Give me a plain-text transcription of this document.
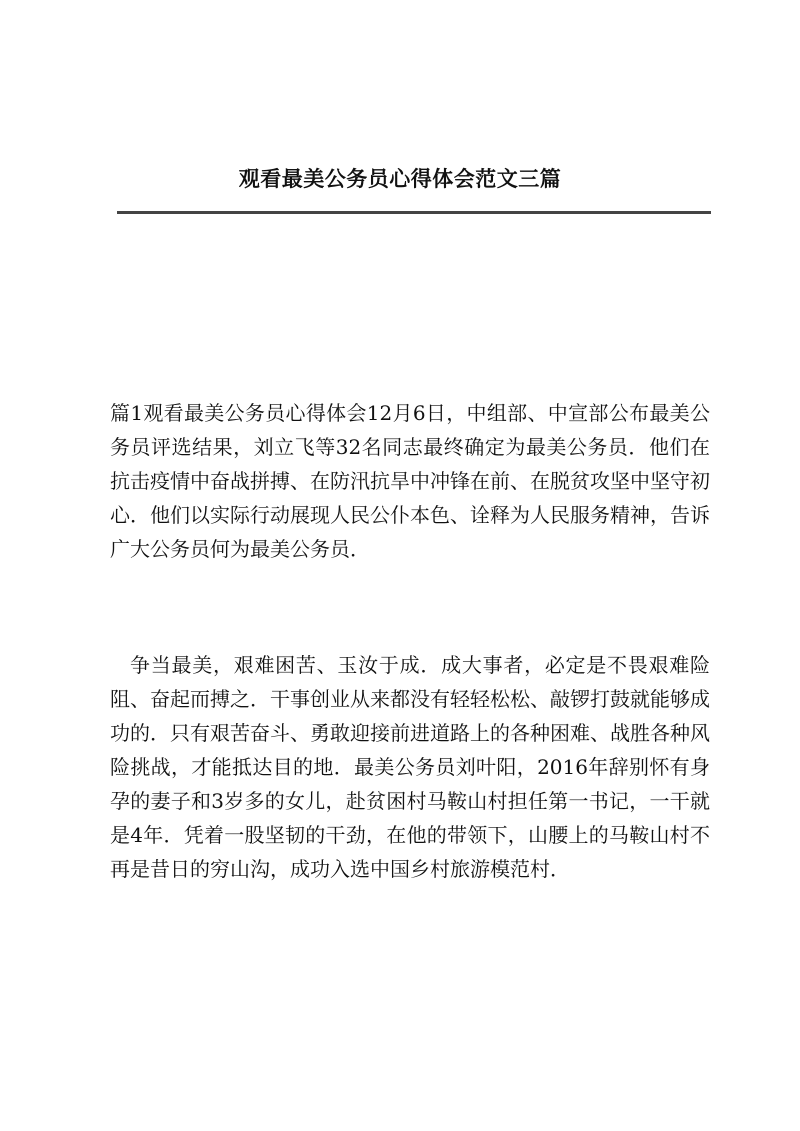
观看最美公务员心得体会范文三篇

篇1观看最美公务员心得体会12月6日，中组部、中宣部公布最美公务员评选结果，刘立飞等32名同志最终确定为最美公务员．他们在抗击疫情中奋战拼搏、在防汛抗旱中冲锋在前、在脱贫攻坚中坚守初心．他们以实际行动展现人民公仆本色、诠释为人民服务精神，告诉广大公务员何为最美公务员．

争当最美，艰难困苦、玉汝于成．成大事者，必定是不畏艰难险阻、奋起而搏之．干事创业从来都没有轻轻松松、敲锣打鼓就能够成功的．只有艰苦奋斗、勇敢迎接前进道路上的各种困难、战胜各种风险挑战，才能抵达目的地．最美公务员刘叶阳，2016年辞别怀有身孕的妻子和3岁多的女儿，赴贫困村马鞍山村担任第一书记，一干就是4年．凭着一股坚韧的干劲，在他的带领下，山腰上的马鞍山村不再是昔日的穷山沟，成功入选中国乡村旅游模范村．
